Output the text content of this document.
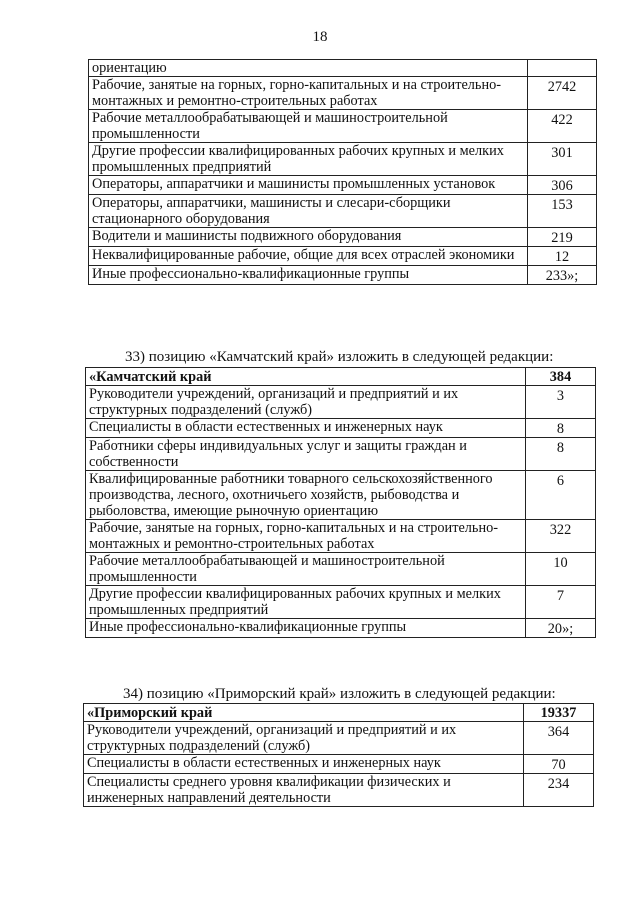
18
ориентацию	
Рабочие, занятые на горных, горно-капитальных и на строительно-монтажных и ремонтно-строительных работах	2742
Рабочие металлообрабатывающей и машиностроительной промышленности	422
Другие профессии квалифицированных рабочих крупных и мелких промышленных предприятий	301
Операторы, аппаратчики и машинисты промышленных установок	306
Операторы, аппаратчики, машинисты и слесари-сборщики стационарного оборудования	153
Водители и машинисты подвижного оборудования	219
Неквалифицированные рабочие, общие для всех отраслей экономики	12
Иные профессионально-квалификационные группы	233»;
33) позицию «Камчатский край» изложить в следующей редакции:
«Камчатский край	384
Руководители учреждений, организаций и предприятий и их структурных подразделений (служб)	3
Специалисты в области естественных и инженерных наук	8
Работники сферы индивидуальных услуг и защиты граждан и собственности	8
Квалифицированные работники товарного сельскохозяйственного производства, лесного, охотничьего хозяйств, рыбоводства и рыболовства, имеющие рыночную ориентацию	6
Рабочие, занятые на горных, горно-капитальных и на строительно-монтажных и ремонтно-строительных работах	322
Рабочие металлообрабатывающей и машиностроительной промышленности	10
Другие профессии квалифицированных рабочих крупных и мелких промышленных предприятий	7
Иные профессионально-квалификационные группы	20»;
34) позицию «Приморский край» изложить в следующей редакции:
«Приморский край	19337
Руководители учреждений, организаций и предприятий и их структурных подразделений (служб)	364
Специалисты в области естественных и инженерных наук	70
Специалисты среднего уровня квалификации физических и инженерных направлений деятельности	234
